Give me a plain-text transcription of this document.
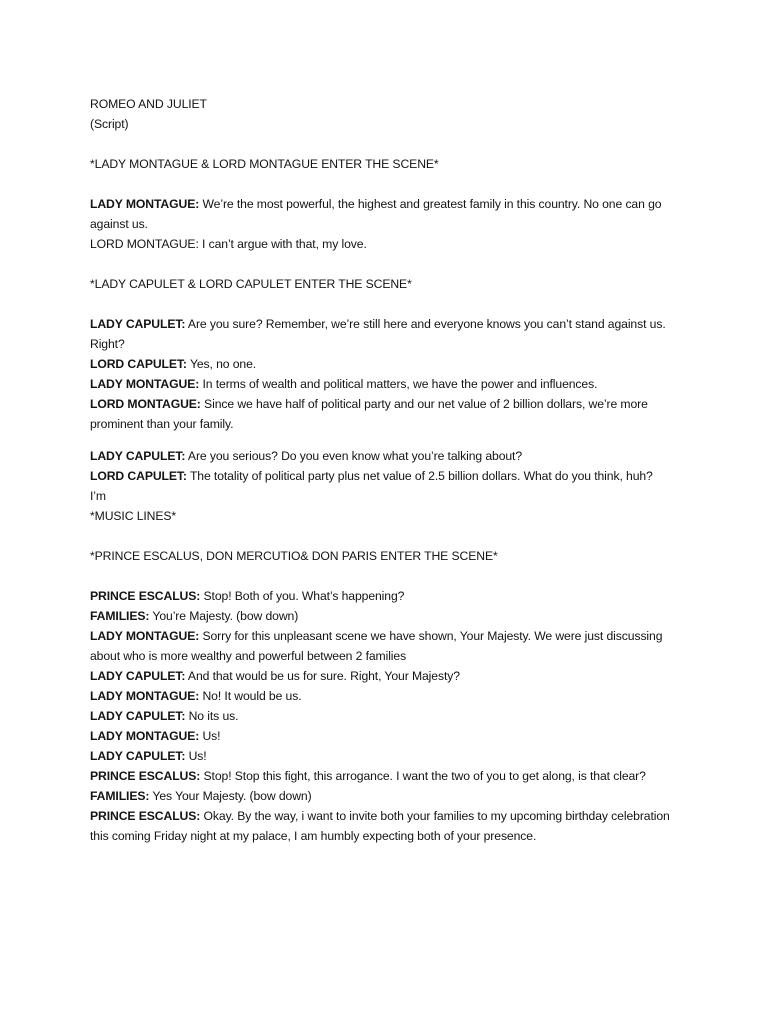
ROMEO AND JULIET

(Script)

*LADY MONTAGUE & LORD MONTAGUE ENTER THE SCENE*

LADY MONTAGUE: We’re the most powerful, the highest and greatest family in this country. No one can go against us.

LORD MONTAGUE: I can’t argue with that, my love.

*LADY CAPULET & LORD CAPULET ENTER THE SCENE*

LADY CAPULET: Are you sure? Remember, we’re still here and everyone knows you can’t stand against us. Right?

LORD CAPULET: Yes, no one.

LADY MONTAGUE: In terms of wealth and political matters, we have the power and influences.

LORD MONTAGUE: Since we have half of political party and our net value of 2 billion dollars, we’re more prominent than your family.

LADY CAPULET: Are you serious? Do you even know what you’re talking about?

LORD CAPULET: The totality of political party plus net value of 2.5 billion dollars. What do you think, huh?

I’m

*MUSIC LINES*

*PRINCE ESCALUS, DON MERCUTIO& DON PARIS ENTER THE SCENE*

PRINCE ESCALUS: Stop! Both of you. What’s happening?

FAMILIES: You’re Majesty. (bow down)

LADY MONTAGUE: Sorry for this unpleasant scene we have shown, Your Majesty. We were just discussing about who is more wealthy and powerful between 2 families

LADY CAPULET: And that would be us for sure. Right, Your Majesty?

LADY MONTAGUE: No! It would be us.

LADY CAPULET: No its us.

LADY MONTAGUE: Us!

LADY CAPULET: Us!

PRINCE ESCALUS: Stop! Stop this fight, this arrogance. I want the two of you to get along, is that clear?

FAMILIES: Yes Your Majesty. (bow down)

PRINCE ESCALUS: Okay. By the way, i want to invite both your families to my upcoming birthday celebration this coming Friday night at my palace, I am humbly expecting both of your presence.
